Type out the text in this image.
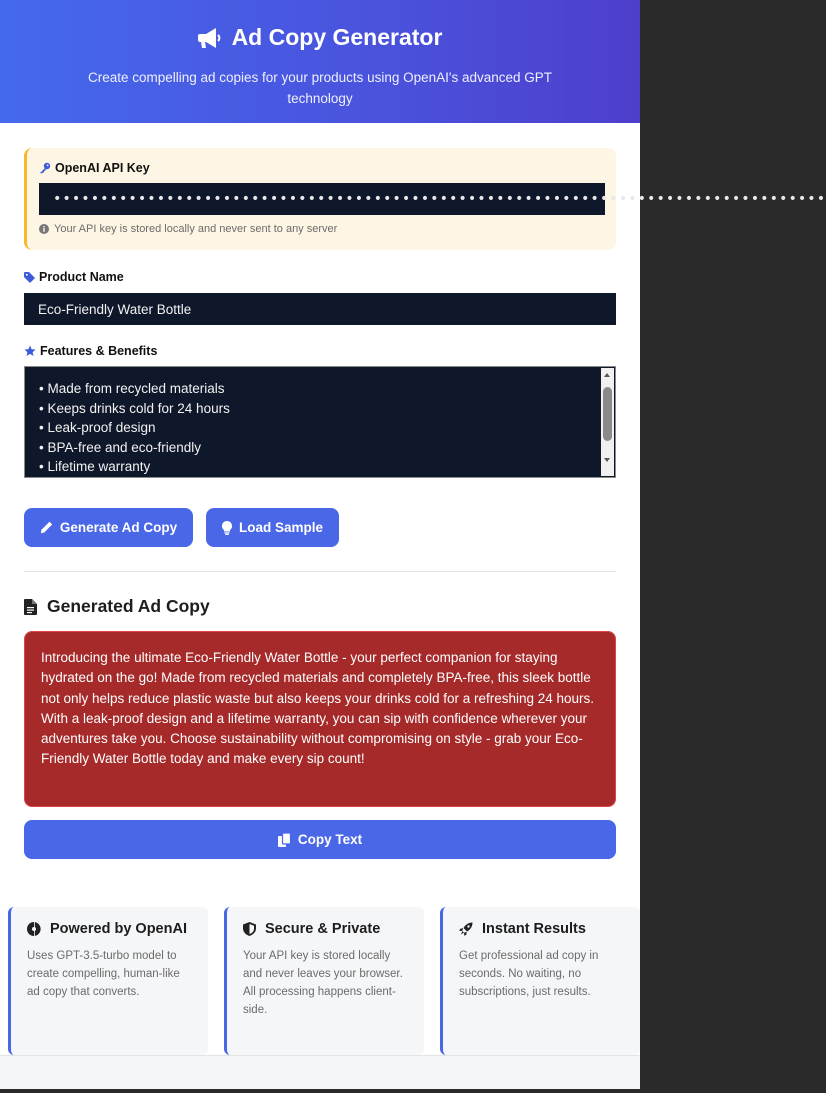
Ad Copy Generator

Create compelling ad copies for your products using OpenAI's advanced GPT technology

OpenAI API Key
••••••••••••••••••••••••••••••••••••••••••••••••••••••••••••••••••••••••••••••••••
Your API key is stored locally and never sent to any server
Product Name
Eco-Friendly Water Bottle
Features & Benefits
• Made from recycled materials
• Keeps drinks cold for 24 hours
• Leak-proof design
• BPA-free and eco-friendly
• Lifetime warranty
Generate Ad Copy	Load Sample
Generated Ad Copy
Introducing the ultimate Eco-Friendly Water Bottle - your perfect companion for staying hydrated on the go! Made from recycled materials and completely BPA-free, this sleek bottle not only helps reduce plastic waste but also keeps your drinks cold for a refreshing 24 hours. With a leak-proof design and a lifetime warranty, you can sip with confidence wherever your adventures take you. Choose sustainability without compromising on style - grab your Eco-Friendly Water Bottle today and make every sip count!
Copy Text
Powered by OpenAI

Uses GPT-3.5-turbo model to create compelling, human-like ad copy that converts.

Secure & Private

Your API key is stored locally and never leaves your browser. All processing happens client-side.

Instant Results

Get professional ad copy in seconds. No waiting, no subscriptions, just results.
